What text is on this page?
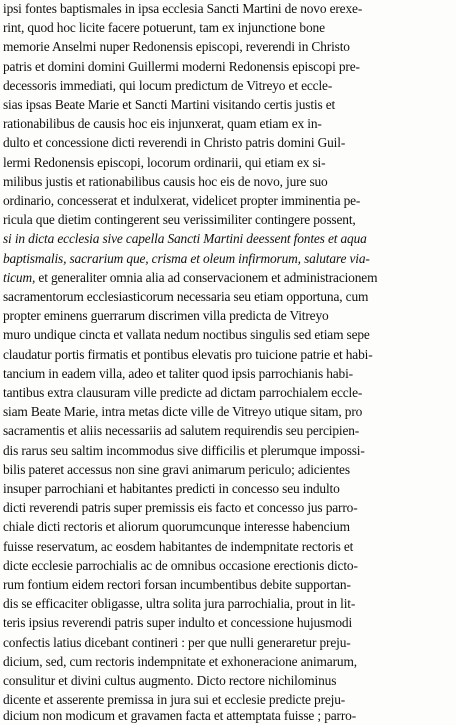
ipsi fontes baptismales in ipsa ecclesia Sancti Martini de novo erexe-
rint, quod hoc licite facere potuerunt, tam ex injunctione bone
memorie Anselmi nuper Redonensis episcopi, reverendi in Christo
patris et domini domini Guillermi moderni Redonensis episcopi pre-
decessoris immediati, qui locum predictum de Vitreyo et eccle-
sias ipsas Beate Marie et Sancti Martini visitando certis justis et
rationabilibus de causis hoc eis injunxerat, quam etiam ex in-
dulto et concessione dicti reverendi in Christo patris domini Guil-
lermi Redonensis episcopi, locorum ordinarii, qui etiam ex si-
milibus justis et rationabilibus causis hoc eis de novo, jure suo
ordinario, concesserat et indulxerat, videlicet propter imminentia pe-
ricula que dietim contingerent seu verissimiliter contingere possent,
si in dicta ecclesia sive capella Sancti Martini deessent fontes et aqua
baptismalis, sacrarium que, crisma et oleum infirmorum, salutare via-
ticum, et generaliter omnia alia ad conservacionem et administracionem
sacramentorum ecclesiasticorum necessaria seu etiam opportuna, cum
propter eminens guerrarum discrimen villa predicta de Vitreyo
muro undique cincta et vallata nedum noctibus singulis sed etiam sepe
claudatur portis firmatis et pontibus elevatis pro tuicione patrie et habi-
tancium in eadem villa, adeo et taliter quod ipsis parrochianis habi-
tantibus extra clausuram ville predicte ad dictam parrochialem eccle-
siam Beate Marie, intra metas dicte ville de Vitreyo utique sitam, pro
sacramentis et aliis necessariis ad salutem requirendis seu percipien-
dis rarus seu saltim incommodus sive difficilis et plerumque impossi-
bilis pateret accessus non sine gravi animarum periculo; adicientes
insuper parrochiani et habitantes predicti in concesso seu indulto
dicti reverendi patris super premissis eis facto et concesso jus parro-
chiale dicti rectoris et aliorum quorumcunque interesse habencium
fuisse reservatum, ac eosdem habitantes de indempnitate rectoris et
dicte ecclesie parrochialis ac de omnibus occasione erectionis dicto-
rum fontium eidem rectori forsan incumbentibus debite supportan-
dis se efficaciter obligasse, ultra solita jura parrochialia, prout in lit-
teris ipsius reverendi patris super indulto et concessione hujusmodi
confectis latius dicebant contineri : per que nulli generaretur preju-
dicium, sed, cum rectoris indempnitate et exhoneracione animarum,
consulitur et divini cultus augmento. Dicto rectore nichilominus
dicente et asserente premissa in jura sui et ecclesie predicte preju-
dicium non modicum et gravamen facta et attemptata fuisse ; parro-
